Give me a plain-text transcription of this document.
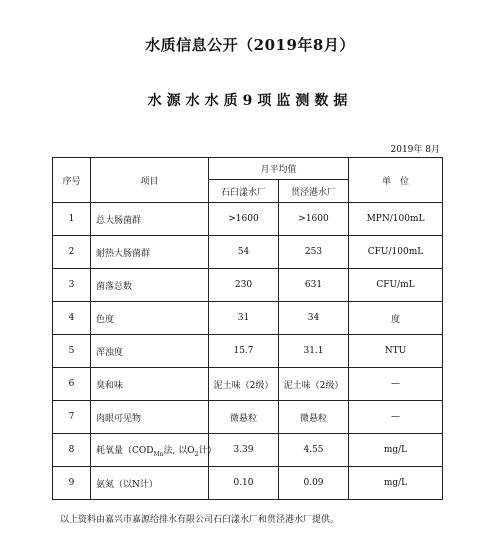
水质信息公开（2019年8月）
水源水水质9项监测数据
2019年 8月
序号	项目	月平均值		单　位
		石臼漾水厂	贯泾港水厂	
1	总大肠菌群	>1600	>1600	MPN/100mL
2	耐热大肠菌群	54	253	CFU/100mL
3	菌落总数	230	631	CFU/mL
4	色度	31	34	度
5	浑浊度	15.7	31.1	NTU
6	臭和味	泥土味（2级）	泥土味（2级）	—
7	肉眼可见物	微悬粒	微悬粒	—
8	耗氧量（$COD_{Mn}$法, 以$O_2$计）	3.39	4.55	mg/L
9	氨氮（以N计）	0.10	0.09	mg/L
以上资料由嘉兴市嘉源给排水有限公司石臼漾水厂和贯泾港水厂提供。
